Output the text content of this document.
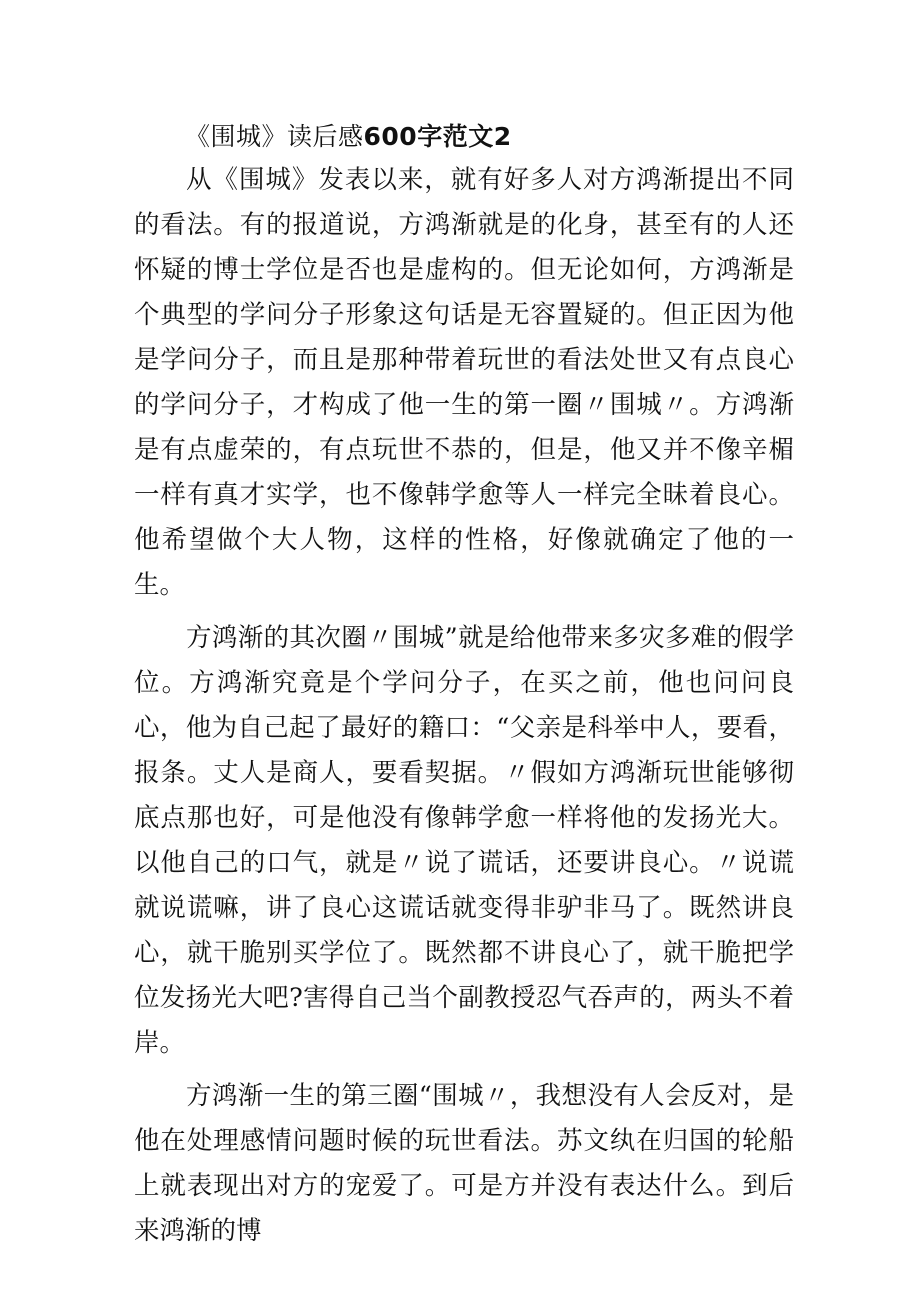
《围城》读后感600字范文2

从《围城》发表以来，就有好多人对方鸿渐提出不同的看法。有的报道说，方鸿渐就是的化身，甚至有的人还怀疑的博士学位是否也是虚构的。但无论如何，方鸿渐是个典型的学问分子形象这句话是无容置疑的。但正因为他是学问分子，而且是那种带着玩世的看法处世又有点良心的学问分子，才构成了他一生的第一圈〃围城〃。方鸿渐是有点虚荣的，有点玩世不恭的，但是，他又并不像辛楣一样有真才实学，也不像韩学愈等人一样完全昧着良心。他希望做个大人物，这样的性格，好像就确定了他的一生。

方鸿渐的其次圈〃围城”就是给他带来多灾多难的假学位。方鸿渐究竟是个学问分子，在买之前，他也问问良心，他为自己起了最好的籍口：“父亲是科举中人，要看，报条。丈人是商人，要看契据。〃假如方鸿渐玩世能够彻底点那也好，可是他没有像韩学愈一样将他的发扬光大。以他自己的口气，就是〃说了谎话，还要讲良心。〃说谎就说谎嘛，讲了良心这谎话就变得非驴非马了。既然讲良心，就干脆别买学位了。既然都不讲良心了，就干脆把学位发扬光大吧?害得自己当个副教授忍气吞声的，两头不着岸。

方鸿渐一生的第三圈“围城〃，我想没有人会反对，是他在处理感情问题时候的玩世看法。苏文纨在归国的轮船上就表现出对方的宠爱了。可是方并没有表达什么。到后来鸿渐的博
